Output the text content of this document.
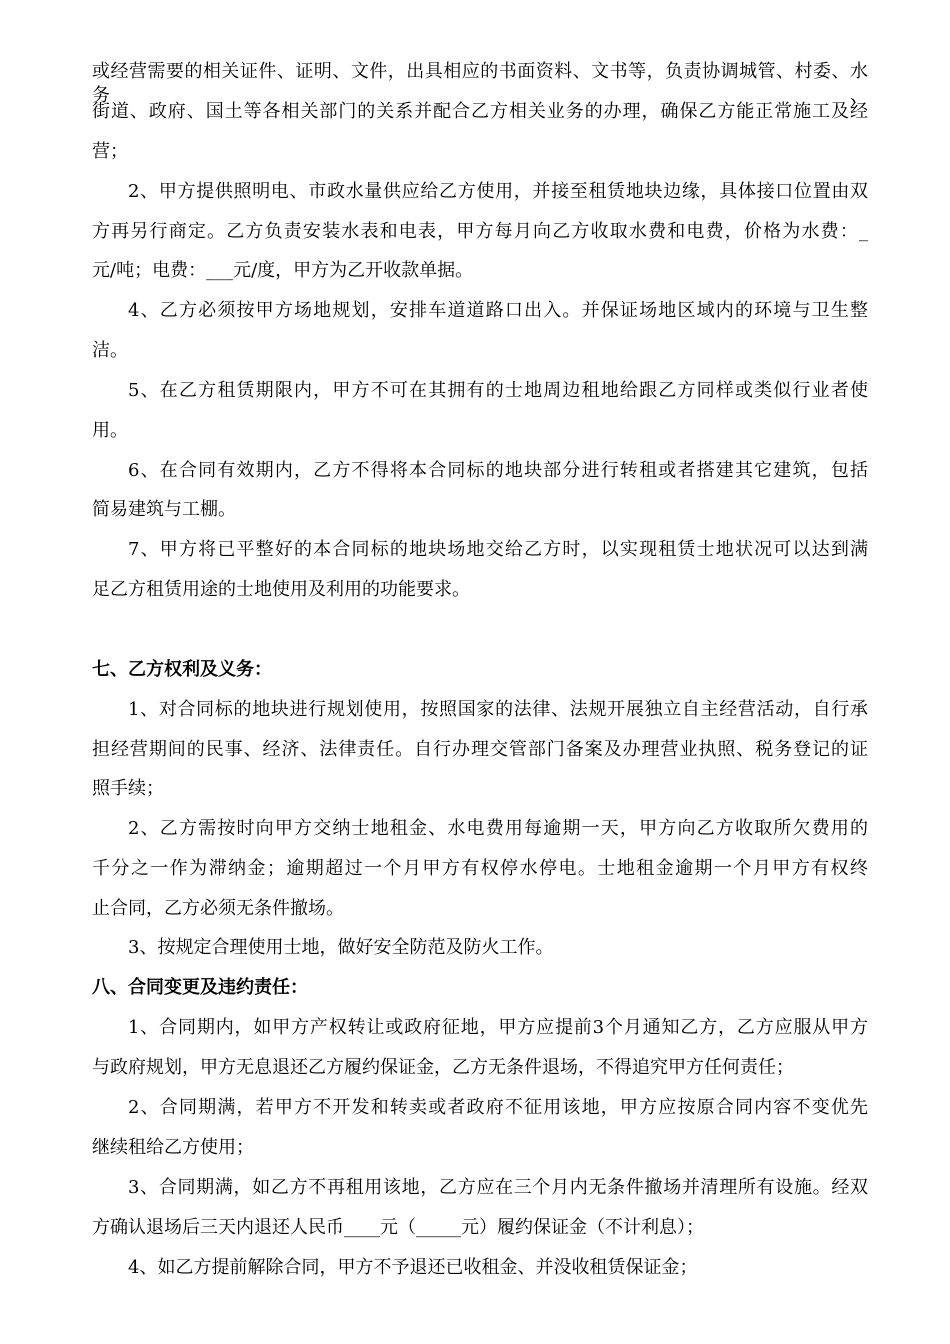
或经营需要的相关证件、证明、文件，出具相应的书面资料、文书等，负责协调城管、村委、水务、
街道、政府、国土等各相关部门的关系并配合乙方相关业务的办理，确保乙方能正常施工及经
营；
2、甲方提供照明电、市政水量供应给乙方使用，并接至租赁地块边缘，具体接口位置由双
方再另行商定。乙方负责安装水表和电表，甲方每月向乙方收取水费和电费，价格为水费：_
元/吨；电费：___元/度，甲方为乙开收款单据。
4、乙方必须按甲方场地规划，安排车道道路口出入。并保证场地区域内的环境与卫生整
洁。
5、在乙方租赁期限内，甲方不可在其拥有的士地周边租地给跟乙方同样或类似行业者使
用。
6、在合同有效期内，乙方不得将本合同标的地块部分进行转租或者搭建其它建筑，包括
简易建筑与工棚。
7、甲方将已平整好的本合同标的地块场地交给乙方时，以实现租赁士地状况可以达到满
足乙方租赁用途的士地使用及利用的功能要求。
七、乙方权利及义务：
1、对合同标的地块进行规划使用，按照国家的法律、法规开展独立自主经营活动，自行承
担经营期间的民事、经济、法律责任。自行办理交管部门备案及办理营业执照、税务登记的证
照手续；
2、乙方需按时向甲方交纳士地租金、水电费用每逾期一天，甲方向乙方收取所欠费用的
千分之一作为滞纳金；逾期超过一个月甲方有权停水停电。士地租金逾期一个月甲方有权终
止合同，乙方必须无条件撤场。
3、按规定合理使用士地，做好安全防范及防火工作。
八、合同变更及违约责任：
1、合同期内，如甲方产权转让或政府征地，甲方应提前3个月通知乙方，乙方应服从甲方
与政府规划，甲方无息退还乙方履约保证金，乙方无条件退场，不得追究甲方任何责任；
2、合同期满，若甲方不开发和转卖或者政府不征用该地，甲方应按原合同内容不变优先
继续租给乙方使用；
3、合同期满，如乙方不再租用该地，乙方应在三个月内无条件撤场并清理所有设施。经双
方确认退场后三天内退还人民币____元（_____元）履约保证金（不计利息）；
4、如乙方提前解除合同，甲方不予退还已收租金、并没收租赁保证金；
